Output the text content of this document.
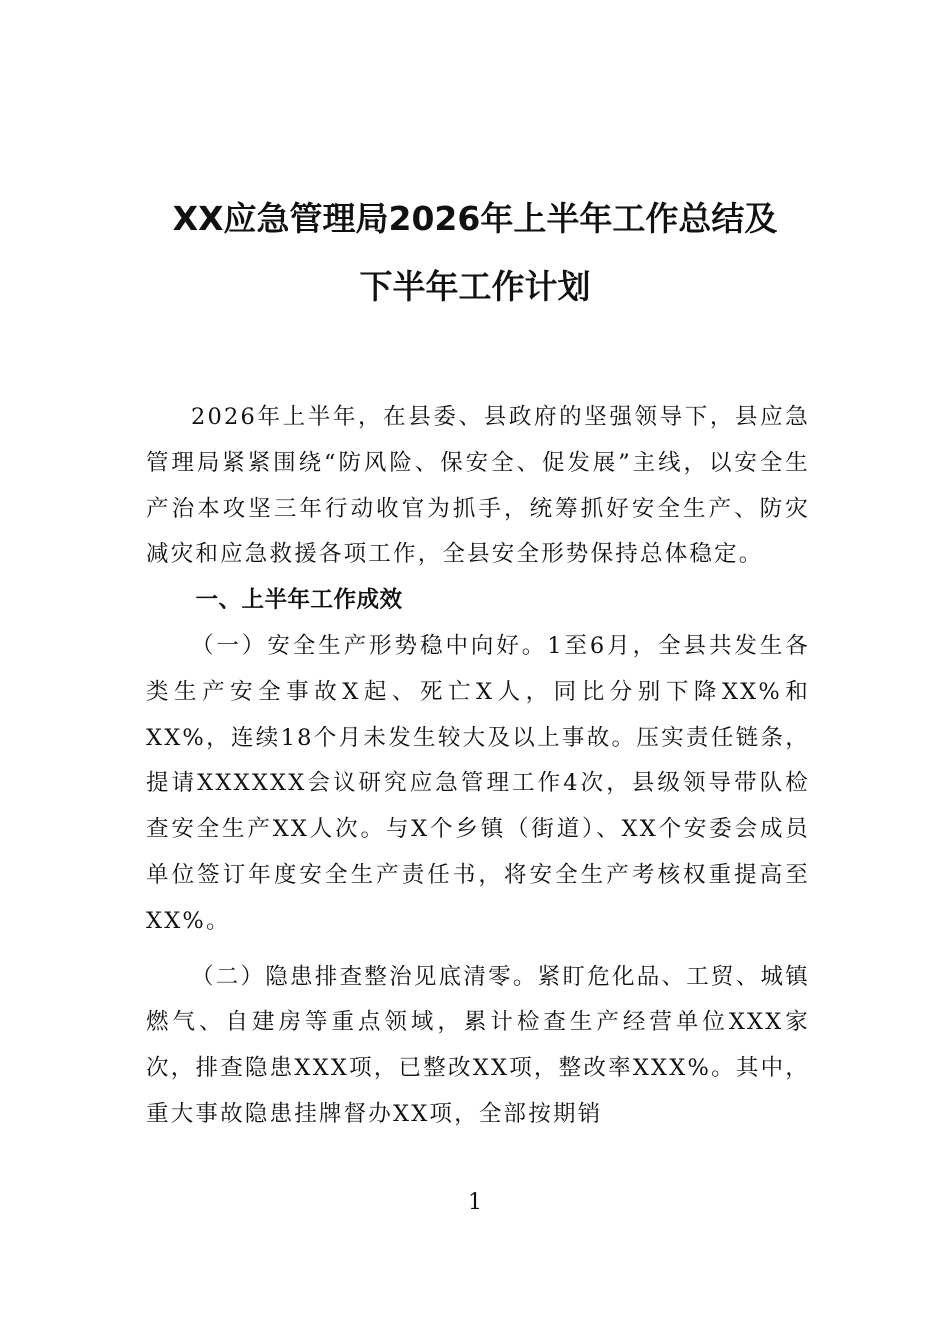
XX应急管理局2026年上半年工作总结及
下半年工作计划

2026年上半年，在县委、县政府的坚强领导下，县应急管理局紧紧围绕“防风险、保安全、促发展”主线，以安全生产治本攻坚三年行动收官为抓手，统筹抓好安全生产、防灾减灾和应急救援各项工作，全县安全形势保持总体稳定。

一、上半年工作成效

（一）安全生产形势稳中向好。1至6月，全县共发生各类生产安全事故X起、死亡X人，同比分别下降XX%和XX%，连续18个月未发生较大及以上事故。压实责任链条，提请XXXXXX会议研究应急管理工作4次，县级领导带队检查安全生产XX人次。与X个乡镇（街道）、XX个安委会成员单位签订年度安全生产责任书，将安全生产考核权重提高至XX%。

（二）隐患排查整治见底清零。紧盯危化品、工贸、城镇燃气、自建房等重点领域，累计检查生产经营单位XXX家次，排查隐患XXX项，已整改XX项，整改率XXX%。其中，重大事故隐患挂牌督办XX项，全部按期销

1
